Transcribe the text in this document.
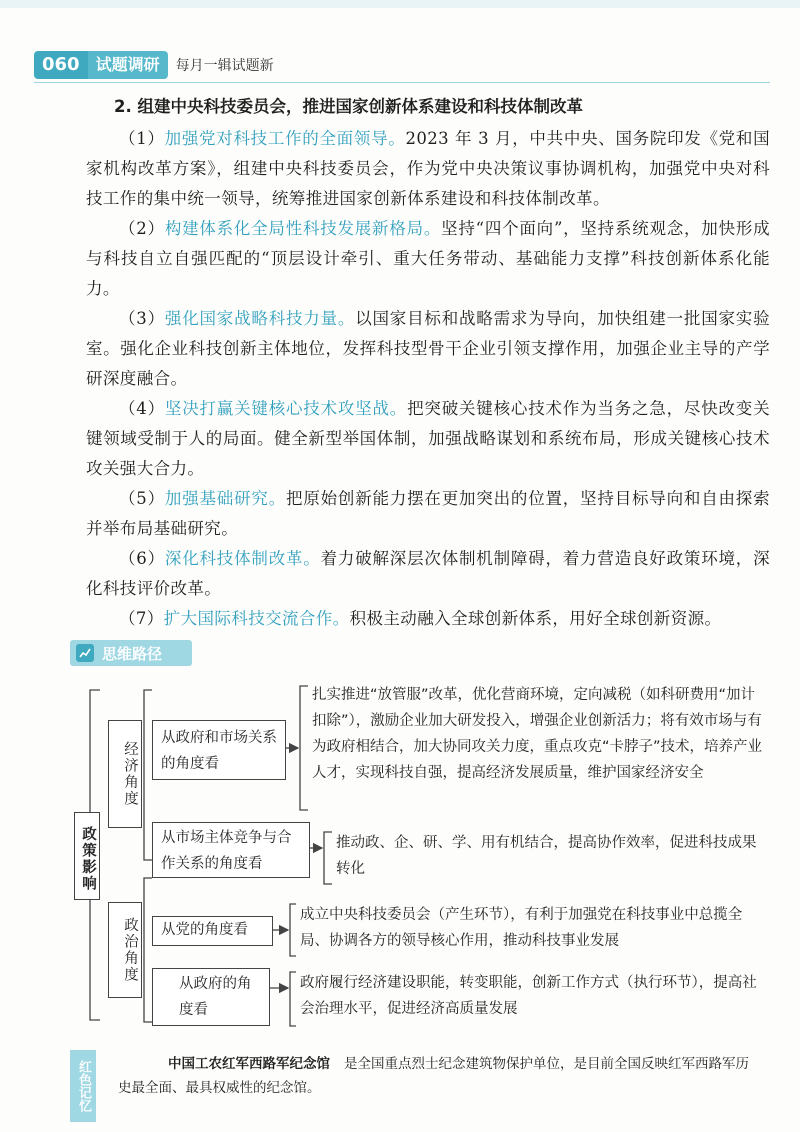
060	试题调研	每月一辑试题新
2. 组建中央科技委员会，推进国家创新体系建设和科技体制改革

（1）加强党对科技工作的全面领导。2023 年 3 月，中共中央、国务院印发《党和国家机构改革方案》，组建中央科技委员会，作为党中央决策议事协调机构，加强党中央对科技工作的集中统一领导，统筹推进国家创新体系建设和科技体制改革。

（2）构建体系化全局性科技发展新格局。坚持“四个面向”，坚持系统观念，加快形成与科技自立自强匹配的“顶层设计牵引、重大任务带动、基础能力支撑”科技创新体系化能力。

（3）强化国家战略科技力量。以国家目标和战略需求为导向，加快组建一批国家实验室。强化企业科技创新主体地位，发挥科技型骨干企业引领支撑作用，加强企业主导的产学研深度融合。

（4）坚决打赢关键核心技术攻坚战。把突破关键核心技术作为当务之急，尽快改变关键领域受制于人的局面。健全新型举国体制，加强战略谋划和系统布局，形成关键核心技术攻关强大合力。

（5）加强基础研究。把原始创新能力摆在更加突出的位置，坚持目标导向和自由探索并举布局基础研究。

（6）深化科技体制改革。着力破解深层次体制机制障碍，着力营造良好政策环境，深化科技评价改革。

（7）扩大国际科技交流合作。积极主动融入全球创新体系，用好全球创新资源。

思维路径
政策影响
经济角度
政治角度
从政府和市场关系的角度看
从市场主体竞争与合作关系的角度看
从党的角度看
从政府的角度看
扎实推进“放管服”改革，优化营商环境，定向减税（如科研费用“加计扣除”），激励企业加大研发投入，增强企业创新活力；将有效市场与有为政府相结合，加大协同攻关力度，重点攻克“卡脖子”技术，培养产业人才，实现科技自强，提高经济发展质量，维护国家经济安全
推动政、企、研、学、用有机结合，提高协作效率，促进科技成果转化
成立中央科技委员会（产生环节），有利于加强党在科技事业中总揽全局、协调各方的领导核心作用，推动科技事业发展
政府履行经济建设职能，转变职能，创新工作方式（执行环节），提高社会治理水平，促进经济高质量发展
红色记忆	中国工农红军西路军纪念馆 是全国重点烈士纪念建筑物保护单位，是目前全国反映红军西路军历史最全面、最具权威性的纪念馆。
